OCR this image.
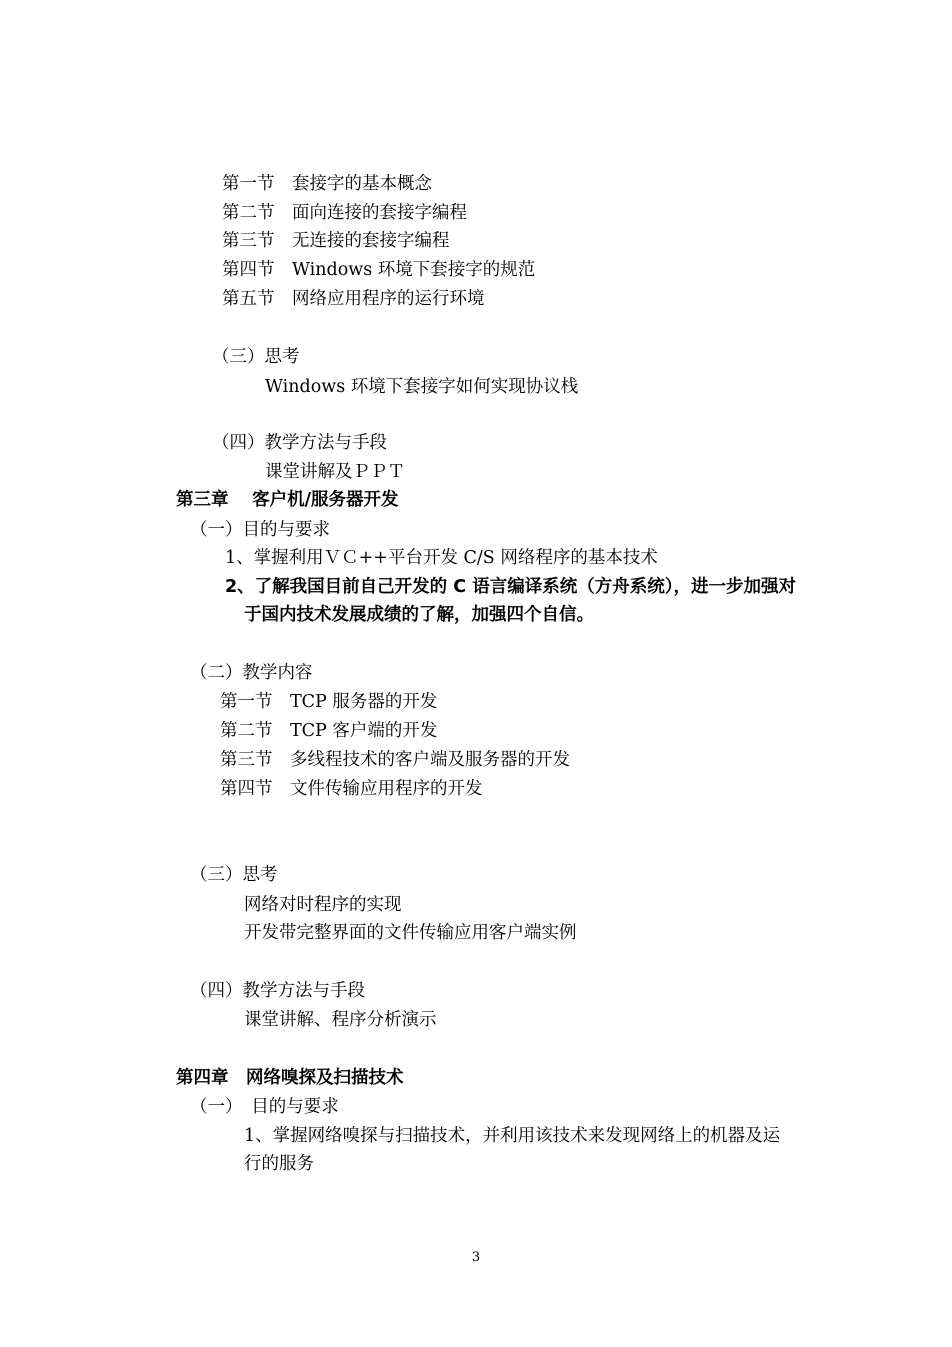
第一节　套接字的基本概念
第二节　面向连接的套接字编程
第三节　无连接的套接字编程
第四节　Windows 环境下套接字的规范
第五节　网络应用程序的运行环境
（三）思考
Windows 环境下套接字如何实现协议栈
（四）教学方法与手段
课堂讲解及ＰＰＴ
第三章　 客户机/服务器开发
（一）目的与要求
1、掌握利用ＶＣ++平台开发 C/S 网络程序的基本技术
2、了解我国目前自己开发的 C 语言编译系统（方舟系统），进一步加强对
于国内技术发展成绩的了解，加强四个自信。
（二）教学内容
第一节　TCP 服务器的开发
第二节　TCP 客户端的开发
第三节　多线程技术的客户端及服务器的开发
第四节　文件传输应用程序的开发
（三）思考
网络对时程序的实现
开发带完整界面的文件传输应用客户端实例
（四）教学方法与手段
课堂讲解、程序分析演示
第四章　网络嗅探及扫描技术
（一）　目的与要求
1、掌握网络嗅探与扫描技术，并利用该技术来发现网络上的机器及运
行的服务
3
